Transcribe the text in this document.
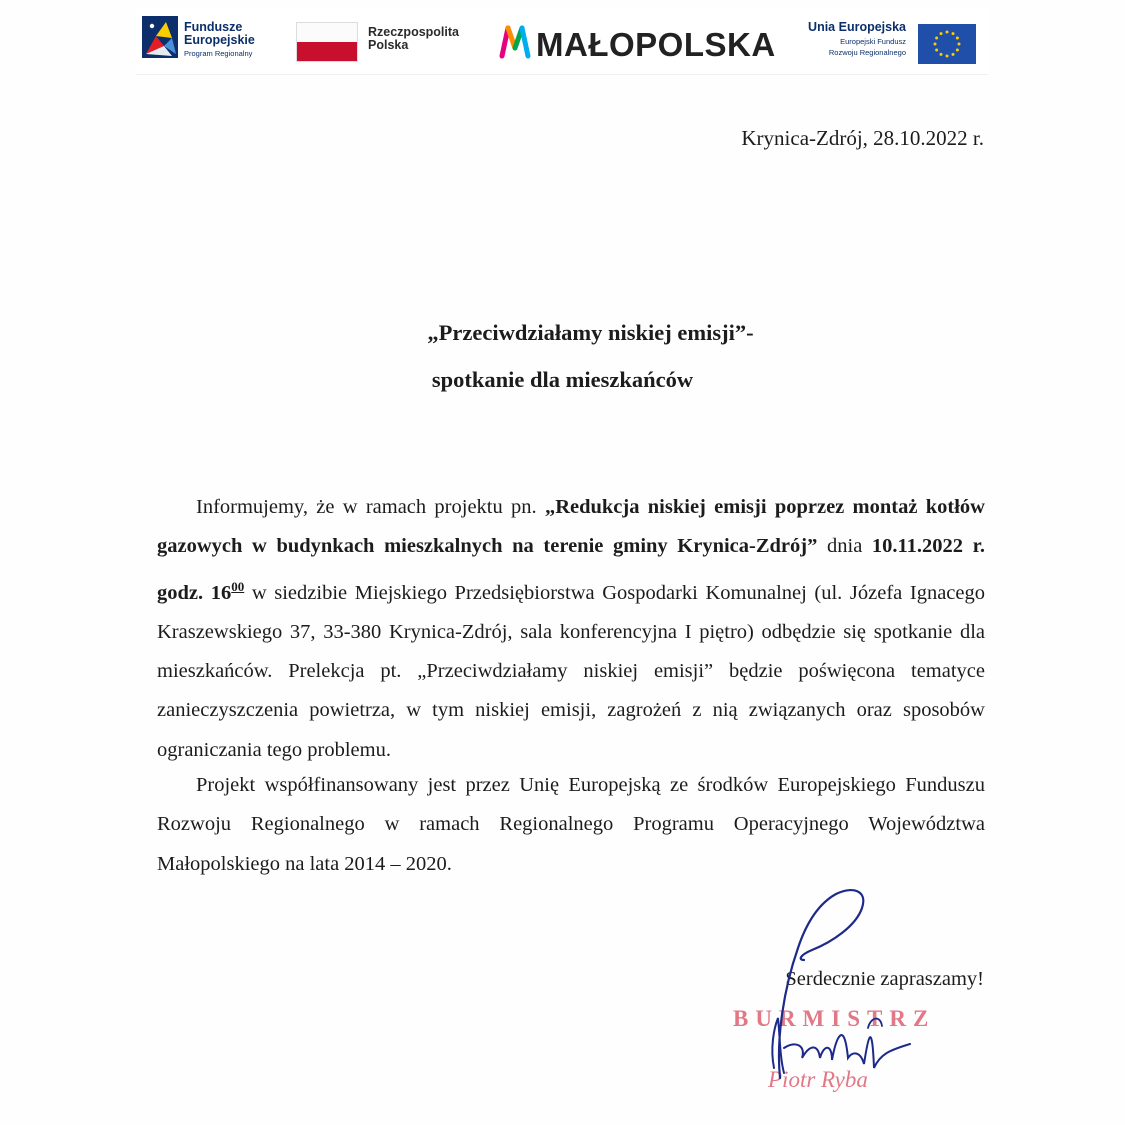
Fundusze
Europejskie
Program Regionalny
Rzeczpospolita
Polska	MAŁOPOLSKA	Unia Europejska
Europejski Fundusz
Rozwoju Regionalnego
Krynica-Zdrój, 28.10.2022 r.
„Przeciwdziałamy niskiej emisji”-
spotkanie dla mieszkańców

Informujemy, że w ramach projektu pn. „Redukcja niskiej emisji poprzez montaż kotłów gazowych w budynkach mieszkalnych na terenie gminy Krynica-Zdrój” dnia 10.11.2022 r. godz. $16^{00}$ w siedzibie Miejskiego Przedsiębiorstwa Gospodarki Komunalnej (ul. Józefa Ignacego Kraszewskiego 37, 33-380 Krynica-Zdrój, sala konferencyjna I piętro) odbędzie się spotkanie dla mieszkańców. Prelekcja pt. „Przeciwdziałamy niskiej emisji” będzie poświęcona tematyce zanieczyszczenia powietrza, w tym niskiej emisji, zagrożeń z nią związanych oraz sposobów ograniczania tego problemu.

Projekt współfinansowany jest przez Unię Europejską ze środków Europejskiego Funduszu Rozwoju Regionalnego w ramach Regionalnego Programu Operacyjnego Województwa Małopolskiego na lata 2014 – 2020.

Serdecznie zapraszamy!
BURMISTRZ
Piotr Ryba
